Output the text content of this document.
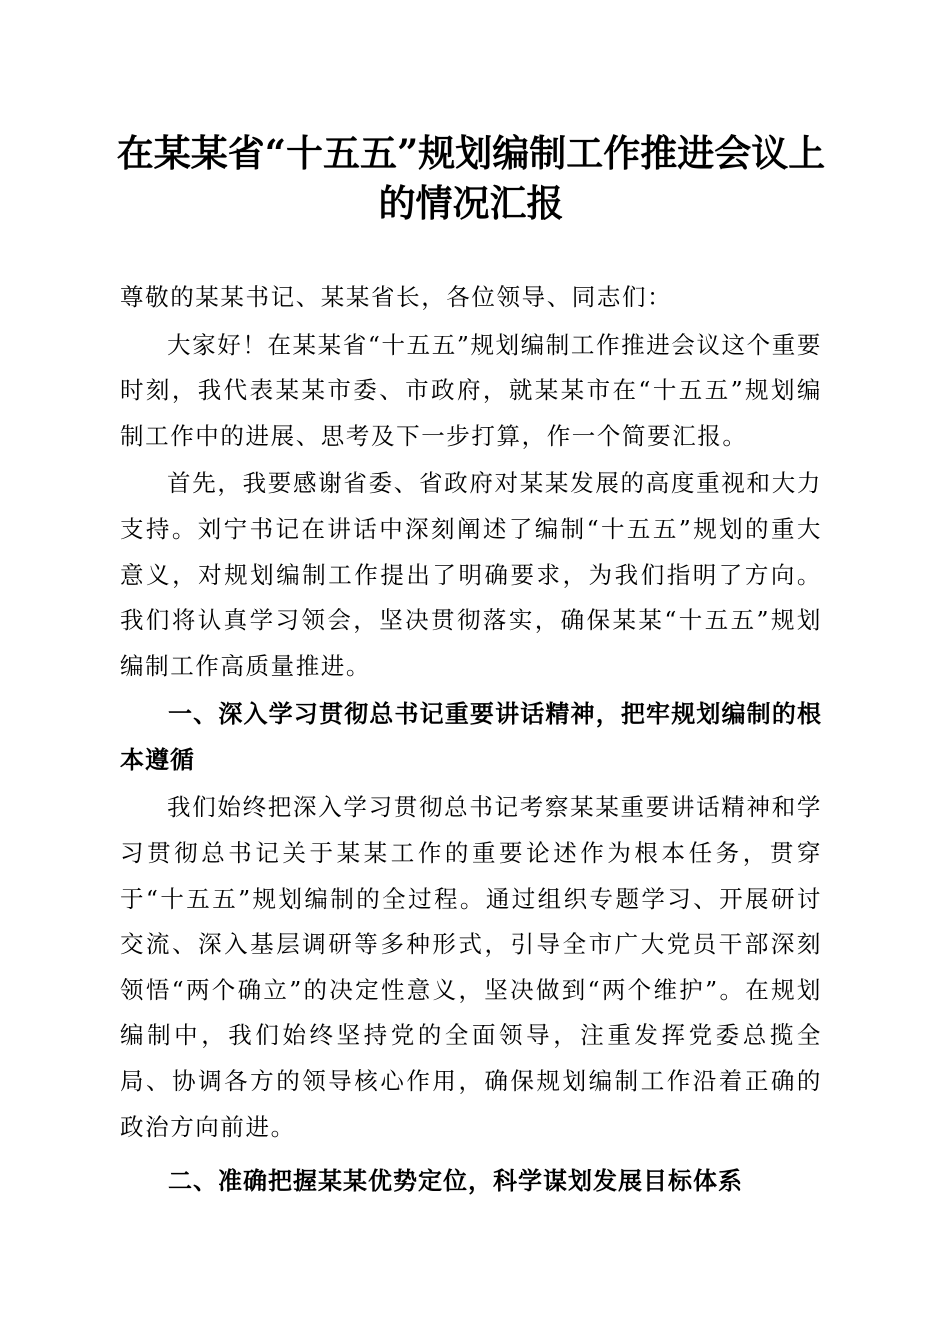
在某某省“十五五”规划编制工作推进会议上
的情况汇报
尊敬的某某书记、某某省长，各位领导、同志们：
大家好！在某某省“十五五”规划编制工作推进会议这个重要时刻，我代表某某市委、市政府，就某某市在“十五五”规划编制工作中的进展、思考及下一步打算，作一个简要汇报。
首先，我要感谢省委、省政府对某某发展的高度重视和大力支持。刘宁书记在讲话中深刻阐述了编制“十五五”规划的重大意义，对规划编制工作提出了明确要求，为我们指明了方向。我们将认真学习领会，坚决贯彻落实，确保某某“十五五”规划编制工作高质量推进。
一、深入学习贯彻总书记重要讲话精神，把牢规划编制的根本遵循
我们始终把深入学习贯彻总书记考察某某重要讲话精神和学习贯彻总书记关于某某工作的重要论述作为根本任务，贯穿于“十五五”规划编制的全过程。通过组织专题学习、开展研讨交流、深入基层调研等多种形式，引导全市广大党员干部深刻领悟“两个确立”的决定性意义，坚决做到“两个维护”。在规划编制中，我们始终坚持党的全面领导，注重发挥党委总揽全局、协调各方的领导核心作用，确保规划编制工作沿着正确的政治方向前进。
二、准确把握某某优势定位，科学谋划发展目标体系
